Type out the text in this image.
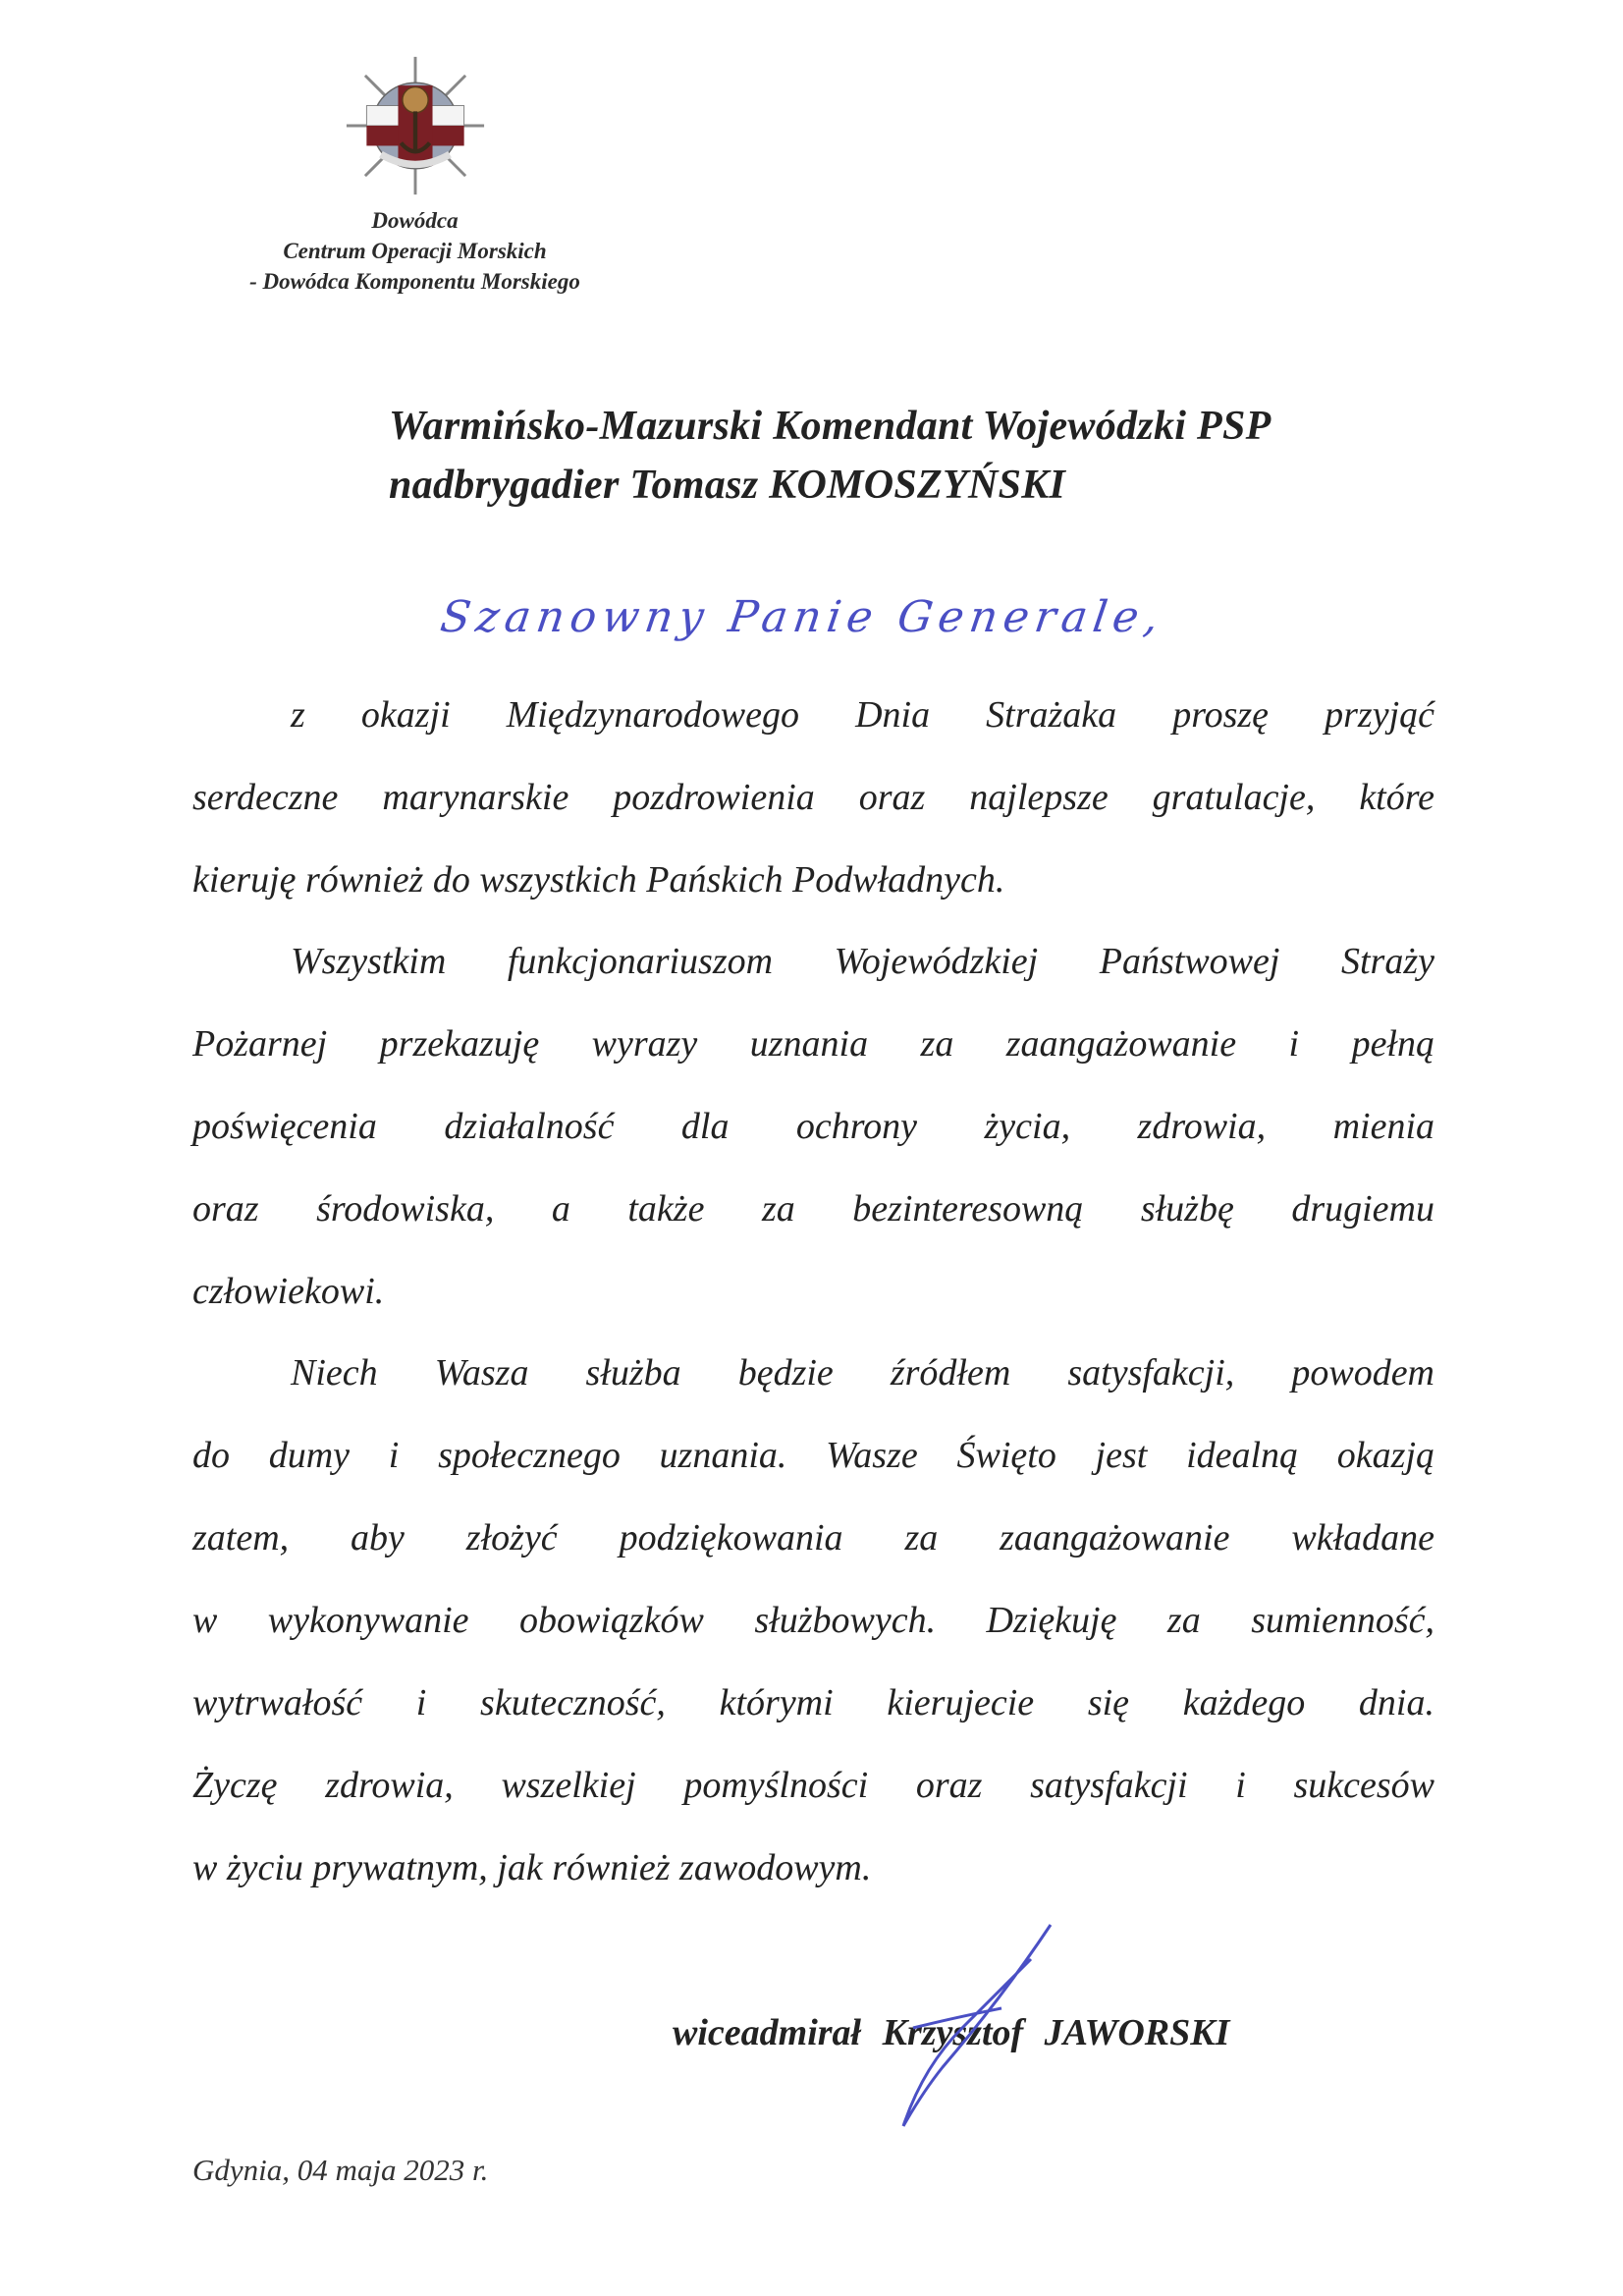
Dowódca
Centrum Operacji Morskich
- Dowódca Komponentu Morskiego
Warmińsko-Mazurski Komendant Wojewódzki PSP
nadbrygadier Tomasz KOMOSZYŃSKI
Szanowny Panie Generale,
z okazji Międzynarodowego Dnia Strażaka proszę przyjąć
serdeczne marynarskie pozdrowienia oraz najlepsze gratulacje, które
kieruję również do wszystkich Pańskich Podwładnych.
Wszystkim funkcjonariuszom Wojewódzkiej Państwowej Straży
Pożarnej przekazuję wyrazy uznania za zaangażowanie i pełną
poświęcenia działalność dla ochrony życia, zdrowia, mienia
oraz środowiska, a także za bezinteresowną służbę drugiemu
człowiekowi.
Niech Wasza służba będzie źródłem satysfakcji, powodem
do dumy i społecznego uznania. Wasze Święto jest idealną okazją
zatem, aby złożyć podziękowania za zaangażowanie wkładane
w wykonywanie obowiązków służbowych. Dziękuję za sumienność,
wytrwałość i skuteczność, którymi kierujecie się każdego dnia.
Życzę zdrowia, wszelkiej pomyślności oraz satysfakcji i sukcesów
w życiu prywatnym, jak również zawodowym.
wiceadmirał Krzysztof JAWORSKI
Gdynia, 04 maja 2023 r.
